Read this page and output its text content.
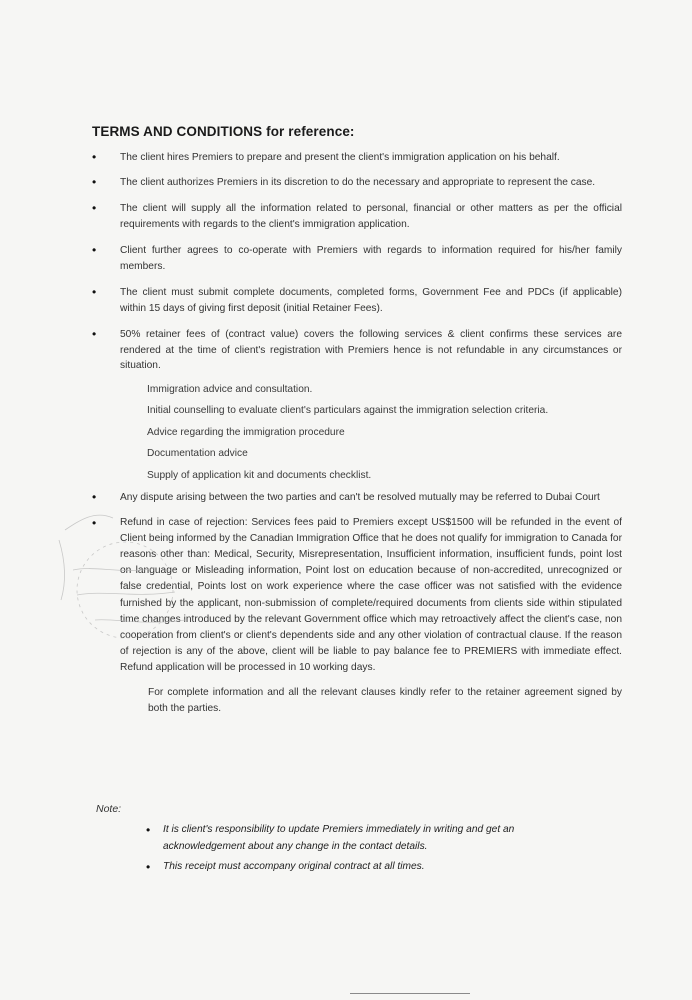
TERMS AND CONDITIONS for reference:
• The client hires Premiers to prepare and present the client's immigration application on his behalf.
• The client authorizes Premiers in its discretion to do the necessary and appropriate to represent the case.
• The client will supply all the information related to personal, financial or other matters as per the official requirements with regards to the client's immigration application.
• Client further agrees to co-operate with Premiers with regards to information required for his/her family members.
• The client must submit complete documents, completed forms, Government Fee and PDCs (if applicable) within 15 days of giving first deposit (initial Retainer Fees).
• 50% retainer fees of (contract value) covers the following services & client confirms these services are rendered at the time of client's registration with Premiers hence is not refundable in any circumstances or situation.
Immigration advice and consultation.
Initial counselling to evaluate client's particulars against the immigration selection criteria.
Advice regarding the immigration procedure
Documentation advice
Supply of application kit and documents checklist.
• Any dispute arising between the two parties and can't be resolved mutually may be referred to Dubai Court
• Refund in case of rejection: Services fees paid to Premiers except US$1500 will be refunded in the event of Client being informed by the Canadian Immigration Office that he does not qualify for immigration to Canada for reasons other than: Medical, Security, Misrepresentation, Insufficient information, insufficient funds, point lost on language or Misleading information, Point lost on education because of non-accredited, unrecognized or false credential, Points lost on work experience where the case officer was not satisfied with the evidence furnished by the applicant, non-submission of complete/required documents from clients side within stipulated time changes introduced by the relevant Government office which may retroactively affect the client's case, non cooperation from client's or client's dependents side and any other violation of contractual clause. If the reason of rejection is any of the above, client will be liable to pay balance fee to PREMIERS with immediate effect. Refund application will be processed in 10 working days.
For complete information and all the relevant clauses kindly refer to the retainer agreement signed by both the parties.
Note:
• It is client's responsibility to update Premiers immediately in writing and get an acknowledgement about any change in the contact details.
• This receipt must accompany original contract at all times.
